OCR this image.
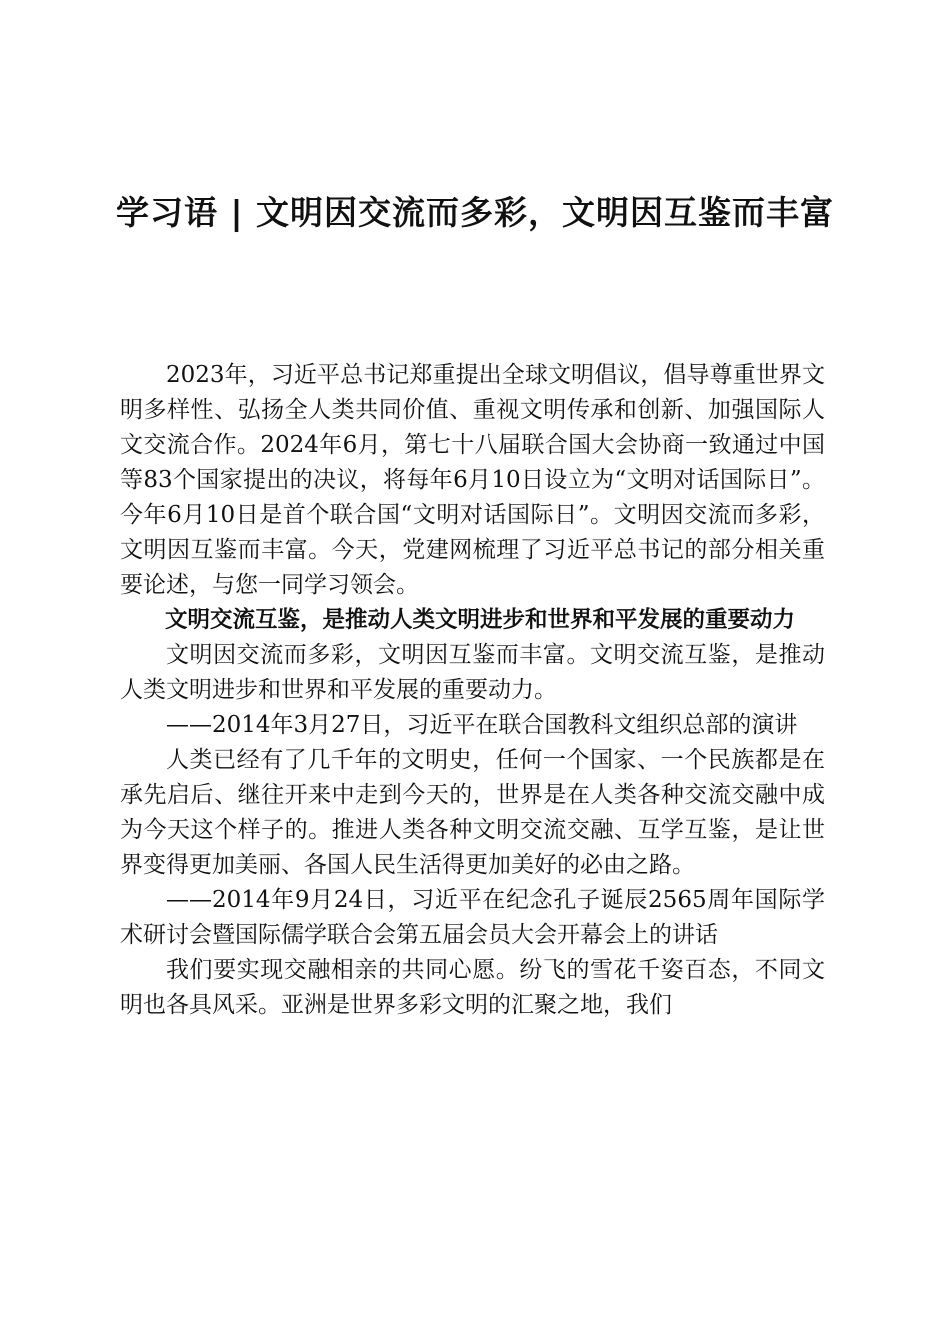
学习语 | 文明因交流而多彩，文明因互鉴而丰富

2023年，习近平总书记郑重提出全球文明倡议，倡导尊重世界文明多样性、弘扬全人类共同价值、重视文明传承和创新、加强国际人文交流合作。2024年6月，第七十八届联合国大会协商一致通过中国等83个国家提出的决议，将每年6月10日设立为“文明对话国际日”。今年6月10日是首个联合国“文明对话国际日”。文明因交流而多彩，文明因互鉴而丰富。今天，党建网梳理了习近平总书记的部分相关重要论述，与您一同学习领会。

文明交流互鉴，是推动人类文明进步和世界和平发展的重要动力

文明因交流而多彩，文明因互鉴而丰富。文明交流互鉴，是推动人类文明进步和世界和平发展的重要动力。

——2014年3月27日，习近平在联合国教科文组织总部的演讲

人类已经有了几千年的文明史，任何一个国家、一个民族都是在承先启后、继往开来中走到今天的，世界是在人类各种交流交融中成为今天这个样子的。推进人类各种文明交流交融、互学互鉴，是让世界变得更加美丽、各国人民生活得更加美好的必由之路。

——2014年9月24日，习近平在纪念孔子诞辰2565周年国际学术研讨会暨国际儒学联合会第五届会员大会开幕会上的讲话

我们要实现交融相亲的共同心愿。纷飞的雪花千姿百态，不同文明也各具风采。亚洲是世界多彩文明的汇聚之地，我们
